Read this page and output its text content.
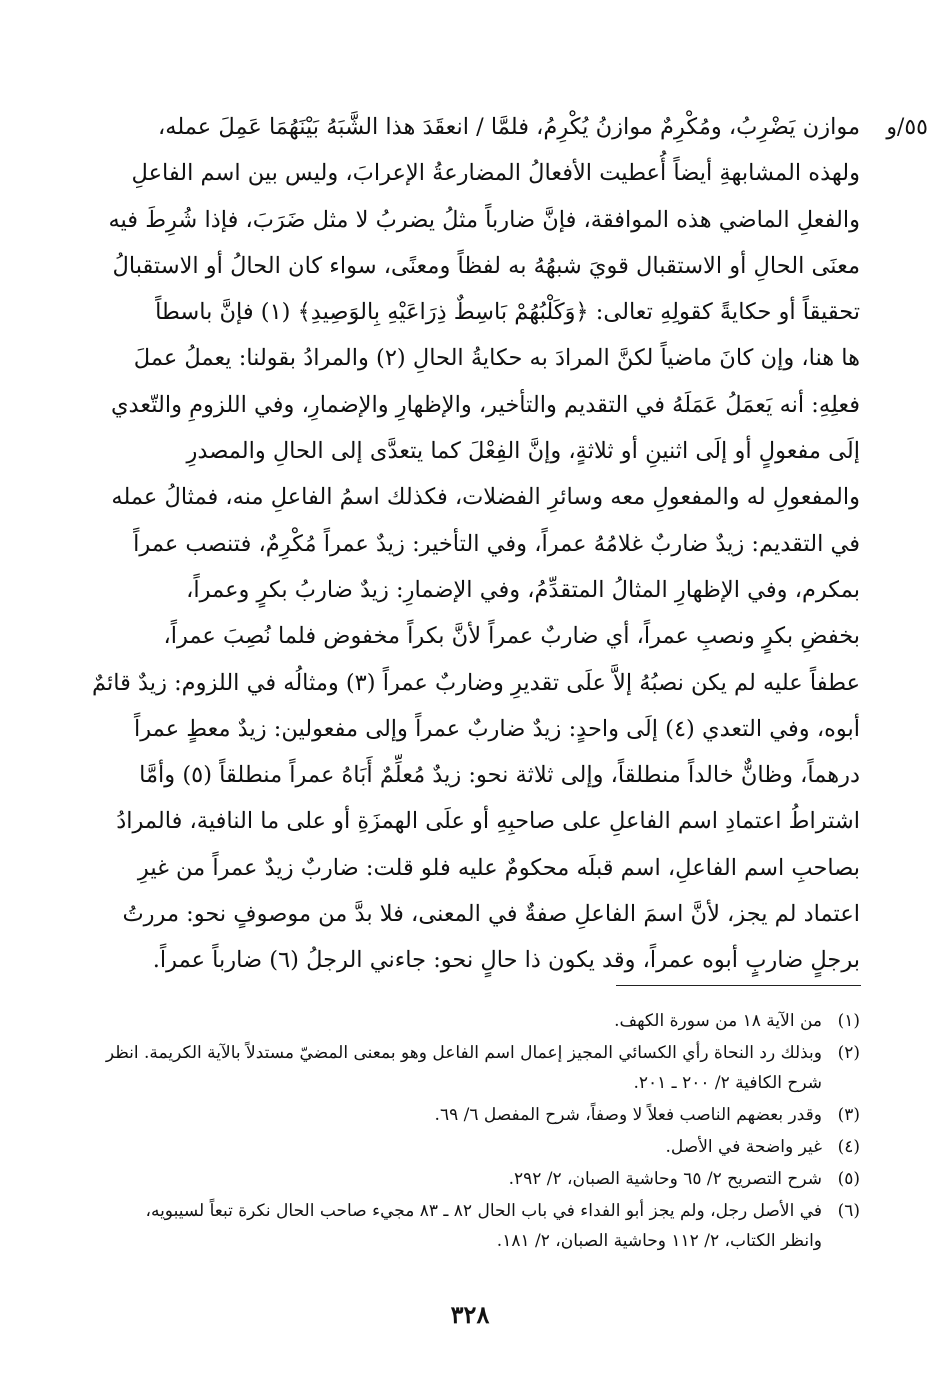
٥٥/و
موازن يَضْرِبُ، ومُكْرِمٌ موازنُ يُكْرِمُ، فلمَّا / انعقَدَ هذا الشَّبَهُ بَيْنَهُمَا عَمِلَ عمله،
ولهذه المشابهةِ أيضاً أُعطيت الأفعالُ المضارعةُ الإعرابَ، وليس بين اسم الفاعلِ
والفعلِ الماضي هذه الموافقة، فإنَّ ضارباً مثلُ يضربُ لا مثل ضَرَبَ، فإذا شُرِطَ فيه
معنَى الحالِ أو الاستقبال قويَ شبهُهُ به لفظاً ومعنًى، سواء كان الحالُ أو الاستقبالُ
تحقيقاً أو حكايةً كقولِهِ تعالى: ﴿وَكَلْبُهُمْ بَاسِطٌ ذِرَاعَيْهِ بِالوَصِيدِ﴾ (١) فإنَّ باسطاً
ها هنا، وإن كانَ ماضياً لكنَّ المرادَ به حكايةُ الحالِ (٢) والمرادُ بقولنا: يعملُ عملَ
فعلِهِ: أنه يَعمَلُ عَمَلَهُ في التقديم والتأخير، والإظهارِ والإضمارِ، وفي اللزومِ والتّعدي
إلَى مفعولٍ أو إلَى اثنينِ أو ثلاثةٍ، وإنَّ الفِعْلَ كما يتعدَّى إلى الحالِ والمصدرِ
والمفعولِ له والمفعولِ معه وسائرِ الفضلات، فكذلك اسمُ الفاعلِ منه، فمثالُ عمله
في التقديم: زيدٌ ضاربٌ غلامُهُ عمراً، وفي التأخير: زيدٌ عمراً مُكْرِمٌ، فتنصب عمراً
بمكرم، وفي الإظهارِ المثالُ المتقدِّمُ، وفي الإضمارِ: زيدٌ ضاربُ بكرٍ وعمراً،
بخفضِ بكرٍ ونصبِ عمراً، أي ضاربٌ عمراً لأنَّ بكراً مخفوض فلما نُصِبَ عمراً،
عطفاً عليه لم يكن نصبُهُ إلاَّ علَى تقديرِ وضاربٌ عمراً (٣) ومثالُه في اللزوم: زيدٌ قائمٌ
أبوه، وفي التعدي (٤) إلَى واحدٍ: زيدٌ ضاربٌ عمراً وإلى مفعولين: زيدٌ معطٍ عمراً
درهماً، وظانٌّ خالداً منطلقاً، وإلى ثلاثة نحو: زيدٌ مُعلِّمٌ أَبَاهُ عمراً منطلقاً (٥) وأمَّا
اشتراطُ اعتمادِ اسم الفاعلِ على صاحبِهِ أو علَى الهمزَةِ أو على ما النافية، فالمرادُ
بصاحبِ اسم الفاعلِ، اسم قبلَه محكومٌ عليه فلو قلت: ضاربٌ زيدٌ عمراً من غيرِ
اعتماد لم يجز، لأنَّ اسمَ الفاعلِ صفةٌ في المعنى، فلا بدَّ من موصوفٍ نحو: مررتُ
برجلٍ ضاربٍ أبوه عمراً، وقد يكون ذا حالٍ نحو: جاءني الرجلُ (٦) ضارباً عمراً.
(١)
من الآية ١٨ من سورة الكهف.
(٢)
وبذلك رد النحاة رأي الكسائي المجيز إعمال اسم الفاعل وهو بمعنى المضيّ مستدلاً بالآية الكريمة. انظر
شرح الكافية ٢/ ٢٠٠ ـ ٢٠١.
(٣)
وقدر بعضهم الناصب فعلاً لا وصفاً، شرح المفصل ٦/ ٦٩.
(٤)
غير واضحة في الأصل.
(٥)
شرح التصريح ٢/ ٦٥ وحاشية الصبان، ٢/ ٢٩٢.
(٦)
في الأصل رجل، ولم يجز أبو الفداء في باب الحال ٨٢ ـ ٨٣ مجيء صاحب الحال نكرة تبعاً لسيبويه،
وانظر الكتاب، ٢/ ١١٢ وحاشية الصبان، ٢/ ١٨١.
٣٢٨
